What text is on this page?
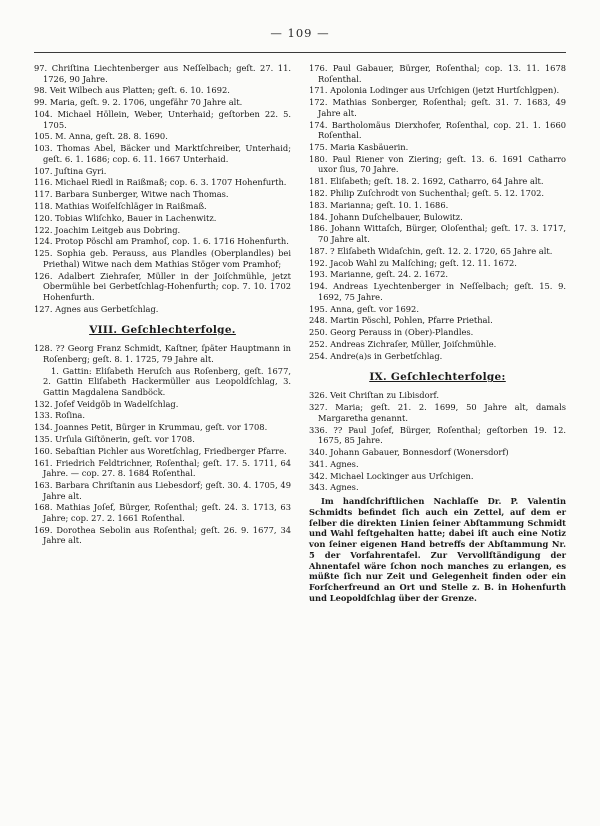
— 109 —
97. Chriſtina Liechtenberger aus Neſſelbach; geſt. 27. 11. 1726, 90 Jahre.
98. Veit Wilbech aus Platten; geſt. 6. 10. 1692.
99. Maria, geſt. 9. 2. 1706, ungefähr 70 Jahre alt.
104. Michael Höllein, Weber, Unterhaid; geſtorben 22. 5. 1705.
105. M. Anna, geſt. 28. 8. 1690.
103. Thomas Abel, Bäcker und Marktſchreiber, Unterhaid; geſt. 6. 1. 1686; cop. 6. 11. 1667 Unterhaid.
107. Juſtina Gyri.
116. Michael Riedl in Raißmaß; cop. 6. 3. 1707 Hohenfurth.
117. Barbara Sunberger, Witwe nach Thomas.
118. Mathias Woiſelſchläger in Raißmaß.
120. Tobias Wliſchko, Bauer in Lachenwitz.
122. Joachim Leitgeb aus Dobring.
124. Protop Pöschl am Pramhoſ, cop. 1. 6. 1716 Hohenfurth.
125. Sophia geb. Perauss, aus Plandles (Oberplandles) bei Priethal) Witwe nach dem Mathias Stöger vom Pramhof;
126. Adalbert Ziehraſer, Müller in der Joiſchmühle, jetzt Obermühle bei Gerbetſchlag-Hohenfurth; cop. 7. 10. 1702 Hohenfurth.
127. Agnes aus Gerbetſchlag.
VIII. Geſchlechterfolge.
128. ?? Georg Franz Schmidt, Kaſtner, ſpäter Hauptmann in Roſenberg; geſt. 8. 1. 1725, 79 Jahre alt.
1. Gattin: Eliſabeth Heruſch aus Roſenberg, geſt. 1677, 2. Gattin Eliſabeth Hackermüller aus Leopoldſchlag, 3. Gattin Magdalena Sandböck.
132. Joſef Veidgöb in Wadelſchlag.
133. Roſina.
134. Joannes Petit, Bürger in Krummau, geſt. vor 1708.
135. Urſula Giſtönerin, geſt. vor 1708.
160. Sebaſtian Pichler aus Woretſchlag, Friedberger Pfarre.
161. Friedrich Feldtrichner, Roſenthal; geſt. 17. 5. 1711, 64 Jahre. — cop. 27. 8. 1684 Roſenthal.
163. Barbara Chriſtanin aus Liebesdorf; geſt. 30. 4. 1705, 49 Jahre alt.
168. Mathias Joſef, Bürger, Roſenthal; geſt. 24. 3. 1713, 63 Jahre; cop. 27. 2. 1661 Roſenthal.
169. Dorothea Sebolin aus Roſenthal; geſt. 26. 9. 1677, 34 Jahre alt.
176. Paul Gabauer, Bürger, Roſenthal; cop. 13. 11. 1678 Roſenthal.
171. Apolonia Lodinger aus Urſchigen (jetzt Hurtſchlgpen).
172. Mathias Sonberger, Roſenthal; geſt. 31. 7. 1683, 49 Jahre alt.
174. Bartholomäus Dierxhofer, Roſenthal, cop. 21. 1. 1660 Roſenthal.
175. Maria Kasbäuerin.
180. Paul Riener von Ziering; geſt. 13. 6. 1691 Catharro uxor ſius, 70 Jahre.
181. Eliſabeth; geſt. 18. 2. 1692, Catharro, 64 Jahre alt.
182. Philip Zuſchrodt von Suchenthal; geſt. 5. 12. 1702.
183. Marianna; geſt. 10. 1. 1686.
184. Johann Duſchelbauer, Bulowitz.
186. Johann Wittaſch, Bürger, Oloſenthal; geſt. 17. 3. 1717, 70 Jahre alt.
187. ? Eliſabeth Widaſchin, geſt. 12. 2. 1720, 65 Jahre alt.
192. Jacob Wahl zu Malſching; geſt. 12. 11. 1672.
193. Marianne, geſt. 24. 2. 1672.
194. Andreas Lyechtenberger in Neſſelbach; geſt. 15. 9. 1692, 75 Jahre.
195. Anna, geſt. vor 1692.
248. Martin Pöschl, Pohlen, Pfarre Priethal.
250. Georg Perauss in (Ober)-Plandles.
252. Andreas Zichraſer, Müller, Joiſchmühle.
254. Andre(a)s in Gerbetſchlag.
IX. Geſchlechterfolge:
326. Veit Chriſtan zu Libisdorf.
327. Maria; geſt. 21. 2. 1699, 50 Jahre alt, damals Margaretha genannt.
336. ?? Paul Joſef, Bürger, Roſenthal; geſtorben 19. 12. 1675, 85 Jahre.
340. Johann Gabauer, Bonnesdorf (Wonersdorf)
341. Agnes.
342. Michael Lockinger aus Urſchigen.
343. Agnes.
Im handſchriftlichen Nachlaſſe Dr. P. Valentin Schmidts befindet ſich auch ein Zettel, auf dem er ſelber die direkten Linien ſeiner Abſtammung Schmidt und Wahl feſtgehalten hatte; dabei iſt auch eine Notiz von ſeiner eigenen Hand betreffs der Abſtammung Nr. 5 der Vorfahrentafel. Zur Vervollſtändigung der Ahnentafel wäre ſchon noch manches zu erlangen, es müßte ſich nur Zeit und Gelegenheit finden oder ein Forſcherfreund an Ort und Stelle z. B. in Hohenfurth und Leopoldſchlag über der Grenze.
